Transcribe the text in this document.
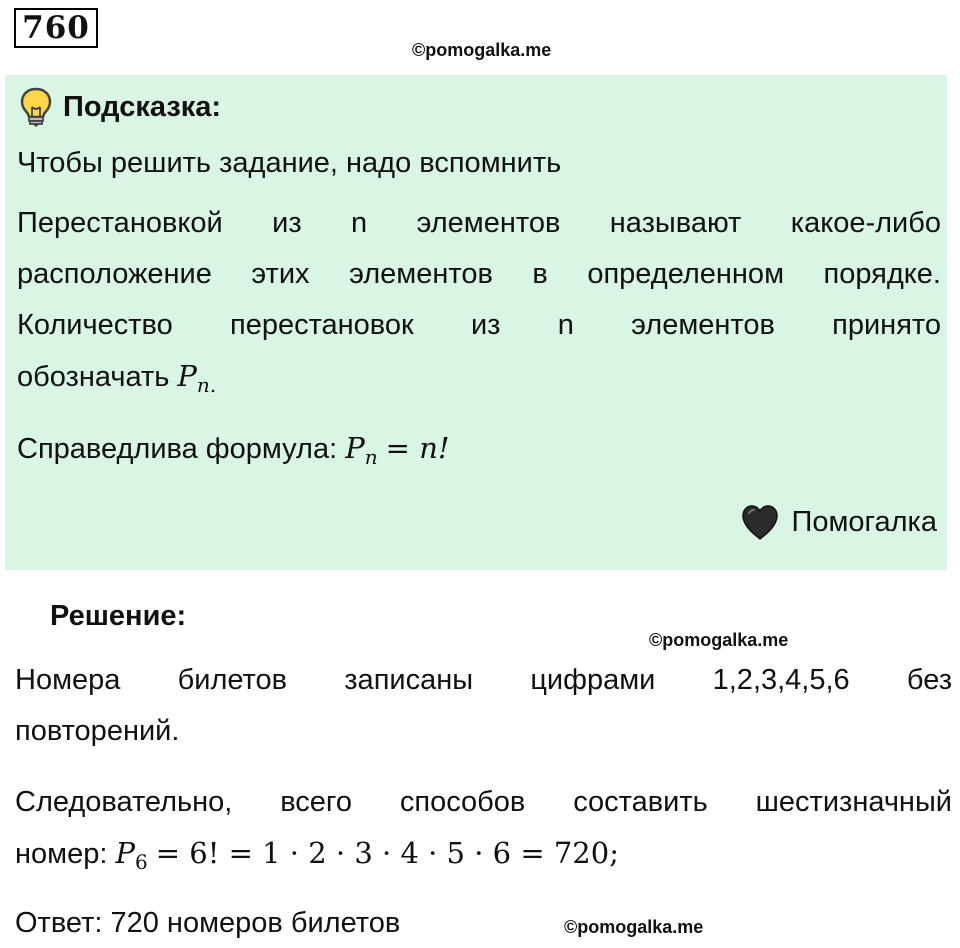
760
©pomogalka.me
Подсказка:
Чтобы решить задание, надо вспомнить
Перестановкой из n элементов называют какое-либо
расположение этих элементов в определенном порядке.
Количество перестановок из n элементов принято
обозначать $P_{n.}$
Справедлива формула: $P_n = n$!
Помогалка
Решение:
©pomogalka.me
Номера билетов записаны цифрами 1,2,3,4,5,6 без
повторений.
Следовательно, всего способов составить шестизначный
номер: $P_6 = 6$! = 1 · 2 · 3 · 4 · 5 · 6 = 720;
Ответ: 720 номеров билетов	©pomogalka.me
